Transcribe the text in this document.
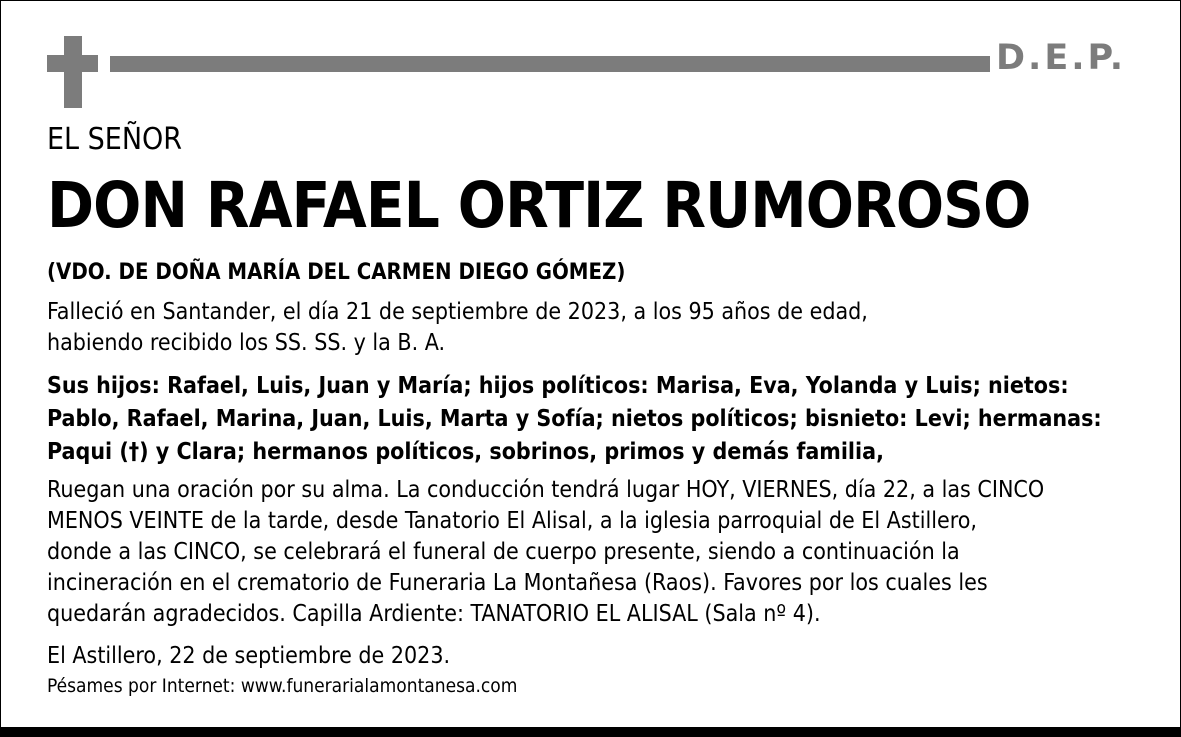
D.E.P.
EL SEÑOR
DON RAFAEL ORTIZ RUMOROSO
(VDO. DE DOÑA MARÍA DEL CARMEN DIEGO GÓMEZ)
Falleció en Santander, el día 21 de septiembre de 2023, a los 95 años de edad,
habiendo recibido los SS. SS. y la B. A.
Sus hijos: Rafael, Luis, Juan y María; hijos políticos: Marisa, Eva, Yolanda y Luis; nietos:
Pablo, Rafael, Marina, Juan, Luis, Marta y Sofía; nietos políticos; bisnieto: Levi; hermanas:
Paqui (†) y Clara; hermanos políticos, sobrinos, primos y demás familia,
Ruegan una oración por su alma. La conducción tendrá lugar HOY, VIERNES, día 22, a las CINCO
MENOS VEINTE de la tarde, desde Tanatorio El Alisal, a la iglesia parroquial de El Astillero,
donde a las CINCO, se celebrará el funeral de cuerpo presente, siendo a continuación la
incineración en el crematorio de Funeraria La Montañesa (Raos). Favores por los cuales les
quedarán agradecidos. Capilla Ardiente: TANATORIO EL ALISAL (Sala nº 4).
El Astillero, 22 de septiembre de 2023.
Pésames por Internet: www.funerarialamontanesa.com
